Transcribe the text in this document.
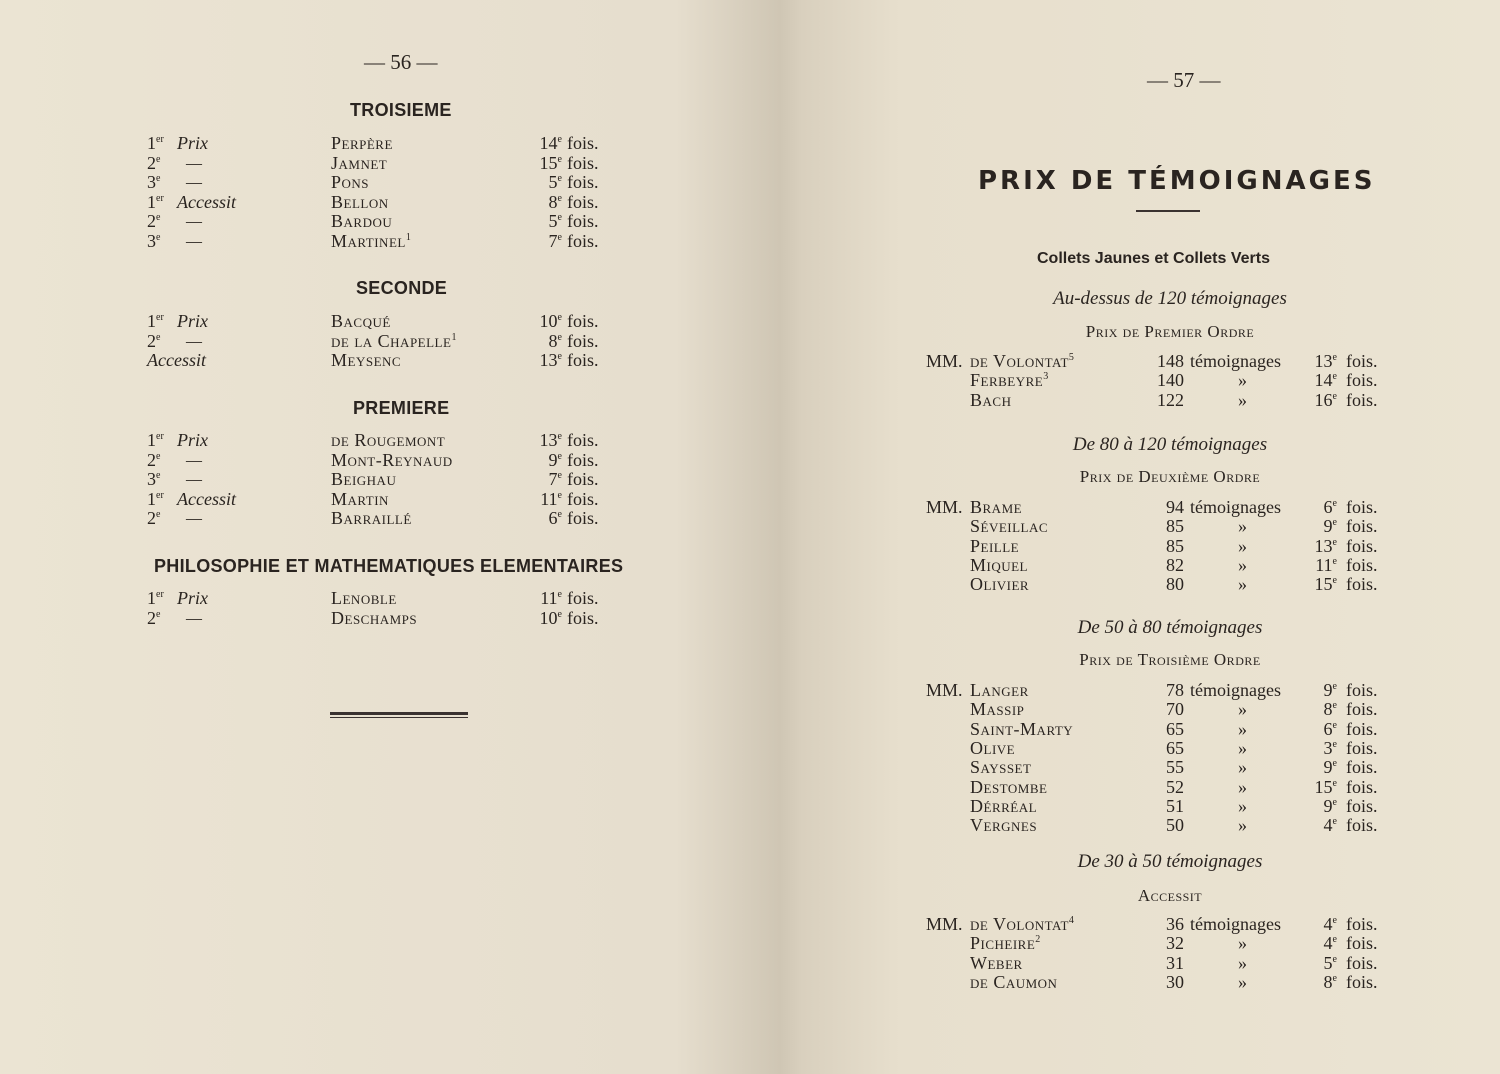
— 56 —
TROISIEME
1er Prix	Perpère	14e fois.
2e —	Jamnet	15e fois.
3e —	Pons	5e fois.
1er Accessit	Bellon	8e fois.
2e —	Bardou	5e fois.
3e —	Martinel$^1$	7e fois.
SECONDE
1er Prix	Bacqué	10e fois.
2e —	de la Chapelle$^1$	8e fois.
Accessit	Meysenc	13e fois.
PREMIERE
1er Prix	de Rougemont	13e fois.
2e —	Mont-Reynaud	9e fois.
3e —	Beighau	7e fois.
1er Accessit	Martin	11e fois.
2e —	Barraillé	6e fois.
PHILOSOPHIE ET MATHEMATIQUES ELEMENTAIRES
1er Prix	Lenoble	11e fois.
2e —	Deschamps	10e fois.
— 57 —
PRIX DE TÉMOIGNAGES
Collets Jaunes et Collets Verts
Au-dessus de 120 témoignages
Prix de Premier Ordre
MM. de Volontat$^5$	148 témoignages	13e fois.
Ferbeyre$^3$	140	»	14e fois.
Bach	122	»	16e fois.
De 80 à 120 témoignages
Prix de Deuxième Ordre
MM. Brame	94 témoignages	6e fois.
Séveillac	85	»	9e fois.
Peille	85	»	13e fois.
Miquel	82	»	11e fois.
Olivier	80	»	15e fois.
De 50 à 80 témoignages
Prix de Troisième Ordre
MM. Langer	78 témoignages	9e fois.
Massip	70	»	8e fois.
Saint-Marty	65	»	6e fois.
Olive	65	»	3e fois.
Saysset	55	»	9e fois.
Destombe	52	»	15e fois.
Dérréal	51	»	9e fois.
Vergnes	50	»	4e fois.
De 30 à 50 témoignages
Accessit
MM. de Volontat$^4$	36 témoignages	4e fois.
Picheire$^2$	32	»	4e fois.
Weber	31	»	5e fois.
de Caumon	30	»	8e fois.
